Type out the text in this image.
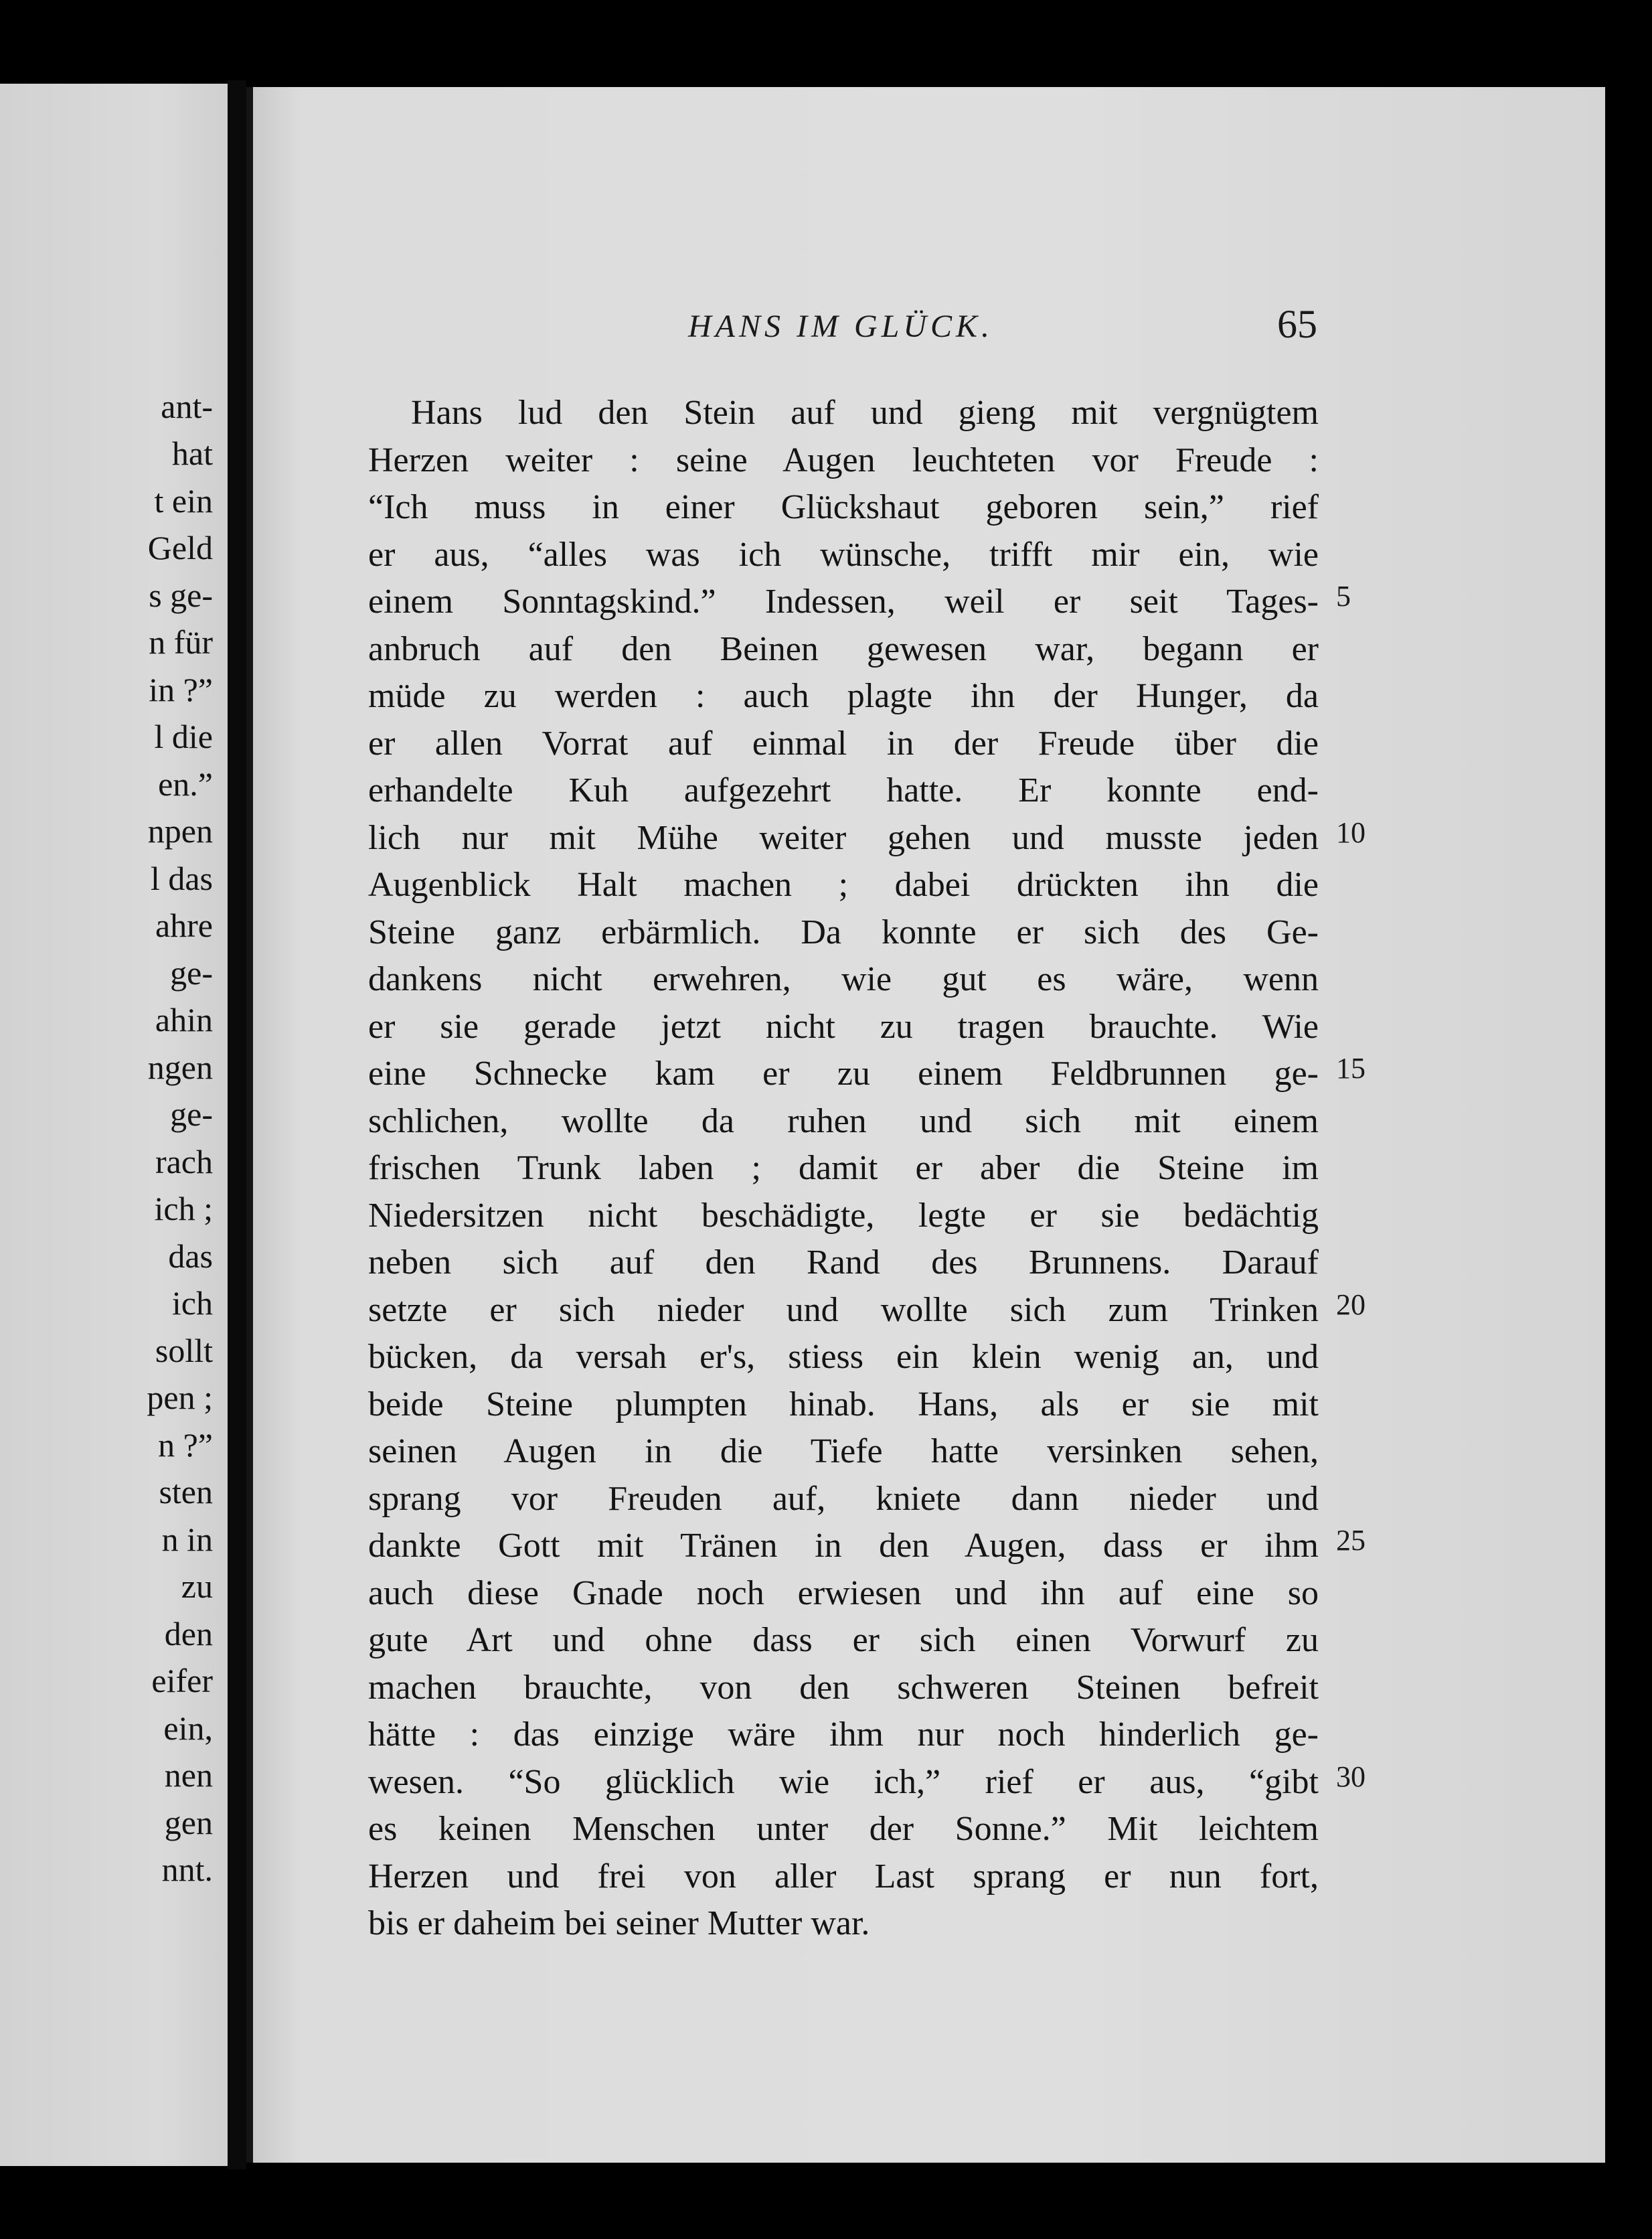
ant-
hat
t ein
Geld
s ge-
n für
in ?”
l die
en.”
npen
l das
ahre
ge-
ahin
ngen
ge-
rach
ich ;
das
ich
sollt
pen ;
n ?”
sten
n in
zu
den
eifer
ein,
nen
gen
nnt.
HANS IM GLÜCK.	65
Hans lud den Stein auf und gieng mit vergnügtem
Herzen weiter : seine Augen leuchteten vor Freude :
“Ich muss in einer Glückshaut geboren sein,” rief
er aus, “alles was ich wünsche, trifft mir ein, wie
einem Sonntagskind.” Indessen, weil er seit Tages-
anbruch auf den Beinen gewesen war, begann er
müde zu werden : auch plagte ihn der Hunger, da
er allen Vorrat auf einmal in der Freude über die
erhandelte Kuh aufgezehrt hatte. Er konnte end-
lich nur mit Mühe weiter gehen und musste jeden
Augenblick Halt machen ; dabei drückten ihn die
Steine ganz erbärmlich. Da konnte er sich des Ge-
dankens nicht erwehren, wie gut es wäre, wenn
er sie gerade jetzt nicht zu tragen brauchte. Wie
eine Schnecke kam er zu einem Feldbrunnen ge-
schlichen, wollte da ruhen und sich mit einem
frischen Trunk laben ; damit er aber die Steine im
Niedersitzen nicht beschädigte, legte er sie bedächtig
neben sich auf den Rand des Brunnens. Darauf
setzte er sich nieder und wollte sich zum Trinken
bücken, da versah er's, stiess ein klein wenig an, und
beide Steine plumpten hinab. Hans, als er sie mit
seinen Augen in die Tiefe hatte versinken sehen,
sprang vor Freuden auf, kniete dann nieder und
dankte Gott mit Tränen in den Augen, dass er ihm
auch diese Gnade noch erwiesen und ihn auf eine so
gute Art und ohne dass er sich einen Vorwurf zu
machen brauchte, von den schweren Steinen befreit
hätte : das einzige wäre ihm nur noch hinderlich ge-
wesen. “So glücklich wie ich,” rief er aus, “gibt
es keinen Menschen unter der Sonne.” Mit leichtem
Herzen und frei von aller Last sprang er nun fort,
bis er daheim bei seiner Mutter war.
5
10
15
20
25
30
